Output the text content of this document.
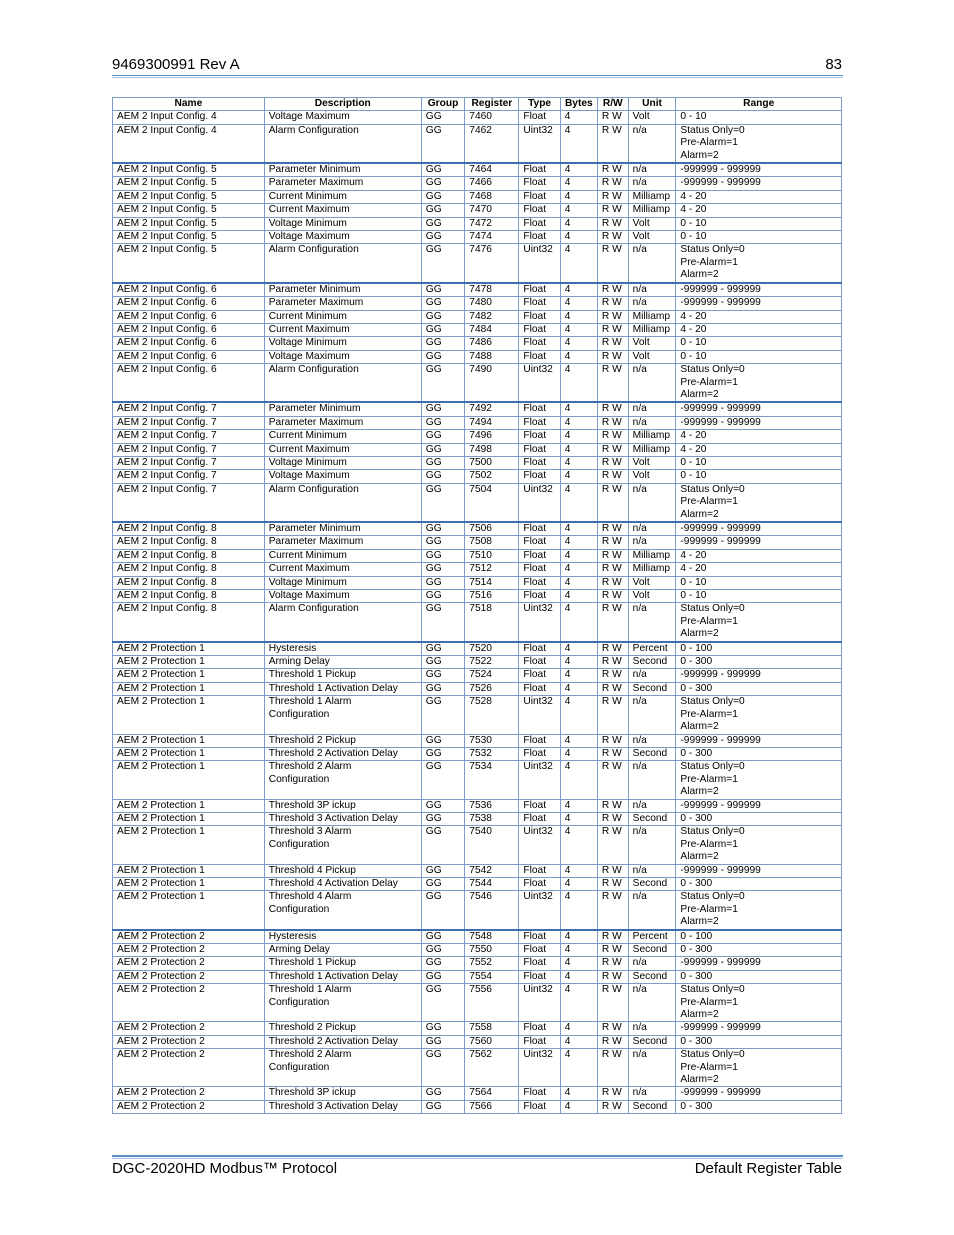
9469300991 Rev A	83
Name	Description	Group	Register	Type	Bytes	R/W	Unit	Range
AEM 2 Input Config. 4	Voltage Maximum	GG	7460	Float	4	R W	Volt	0 - 10

AEM 2 Input Config. 4	Alarm Configuration	GG	7462	Uint32	4	R W	n/a	Status Only=0
Pre-Alarm=1
Alarm=2

AEM 2 Input Config. 5	Parameter Minimum	GG	7464	Float	4	R W	n/a	-999999 - 999999

AEM 2 Input Config. 5	Parameter Maximum	GG	7466	Float	4	R W	n/a	-999999 - 999999

AEM 2 Input Config. 5	Current Minimum	GG	7468	Float	4	R W	Milliamp	4 - 20

AEM 2 Input Config. 5	Current Maximum	GG	7470	Float	4	R W	Milliamp	4 - 20

AEM 2 Input Config. 5	Voltage Minimum	GG	7472	Float	4	R W	Volt	0 - 10

AEM 2 Input Config. 5	Voltage Maximum	GG	7474	Float	4	R W	Volt	0 - 10

AEM 2 Input Config. 5	Alarm Configuration	GG	7476	Uint32	4	R W	n/a	Status Only=0
Pre-Alarm=1
Alarm=2

AEM 2 Input Config. 6	Parameter Minimum	GG	7478	Float	4	R W	n/a	-999999 - 999999

AEM 2 Input Config. 6	Parameter Maximum	GG	7480	Float	4	R W	n/a	-999999 - 999999

AEM 2 Input Config. 6	Current Minimum	GG	7482	Float	4	R W	Milliamp	4 - 20

AEM 2 Input Config. 6	Current Maximum	GG	7484	Float	4	R W	Milliamp	4 - 20

AEM 2 Input Config. 6	Voltage Minimum	GG	7486	Float	4	R W	Volt	0 - 10

AEM 2 Input Config. 6	Voltage Maximum	GG	7488	Float	4	R W	Volt	0 - 10

AEM 2 Input Config. 6	Alarm Configuration	GG	7490	Uint32	4	R W	n/a	Status Only=0
Pre-Alarm=1
Alarm=2

AEM 2 Input Config. 7	Parameter Minimum	GG	7492	Float	4	R W	n/a	-999999 - 999999

AEM 2 Input Config. 7	Parameter Maximum	GG	7494	Float	4	R W	n/a	-999999 - 999999

AEM 2 Input Config. 7	Current Minimum	GG	7496	Float	4	R W	Milliamp	4 - 20

AEM 2 Input Config. 7	Current Maximum	GG	7498	Float	4	R W	Milliamp	4 - 20

AEM 2 Input Config. 7	Voltage Minimum	GG	7500	Float	4	R W	Volt	0 - 10

AEM 2 Input Config. 7	Voltage Maximum	GG	7502	Float	4	R W	Volt	0 - 10

AEM 2 Input Config. 7	Alarm Configuration	GG	7504	Uint32	4	R W	n/a	Status Only=0
Pre-Alarm=1
Alarm=2

AEM 2 Input Config. 8	Parameter Minimum	GG	7506	Float	4	R W	n/a	-999999 - 999999

AEM 2 Input Config. 8	Parameter Maximum	GG	7508	Float	4	R W	n/a	-999999 - 999999

AEM 2 Input Config. 8	Current Minimum	GG	7510	Float	4	R W	Milliamp	4 - 20

AEM 2 Input Config. 8	Current Maximum	GG	7512	Float	4	R W	Milliamp	4 - 20

AEM 2 Input Config. 8	Voltage Minimum	GG	7514	Float	4	R W	Volt	0 - 10

AEM 2 Input Config. 8	Voltage Maximum	GG	7516	Float	4	R W	Volt	0 - 10

AEM 2 Input Config. 8	Alarm Configuration	GG	7518	Uint32	4	R W	n/a	Status Only=0
Pre-Alarm=1
Alarm=2

AEM 2 Protection 1	Hysteresis	GG	7520	Float	4	R W	Percent	0 - 100

AEM 2 Protection 1	Arming Delay	GG	7522	Float	4	R W	Second	0 - 300

AEM 2 Protection 1	Threshold 1 Pickup	GG	7524	Float	4	R W	n/a	-999999 - 999999

AEM 2 Protection 1	Threshold 1 Activation Delay	GG	7526	Float	4	R W	Second	0 - 300

AEM 2 Protection 1	Threshold 1 Alarm
Configuration	GG	7528	Uint32	4	R W	n/a	Status Only=0
Pre-Alarm=1
Alarm=2

AEM 2 Protection 1	Threshold 2 Pickup	GG	7530	Float	4	R W	n/a	-999999 - 999999

AEM 2 Protection 1	Threshold 2 Activation Delay	GG	7532	Float	4	R W	Second	0 - 300

AEM 2 Protection 1	Threshold 2 Alarm
Configuration	GG	7534	Uint32	4	R W	n/a	Status Only=0
Pre-Alarm=1
Alarm=2

AEM 2 Protection 1	Threshold 3P ickup	GG	7536	Float	4	R W	n/a	-999999 - 999999

AEM 2 Protection 1	Threshold 3 Activation Delay	GG	7538	Float	4	R W	Second	0 - 300

AEM 2 Protection 1	Threshold 3 Alarm
Configuration	GG	7540	Uint32	4	R W	n/a	Status Only=0
Pre-Alarm=1
Alarm=2

AEM 2 Protection 1	Threshold 4 Pickup	GG	7542	Float	4	R W	n/a	-999999 - 999999

AEM 2 Protection 1	Threshold 4 Activation Delay	GG	7544	Float	4	R W	Second	0 - 300

AEM 2 Protection 1	Threshold 4 Alarm
Configuration	GG	7546	Uint32	4	R W	n/a	Status Only=0
Pre-Alarm=1
Alarm=2

AEM 2 Protection 2	Hysteresis	GG	7548	Float	4	R W	Percent	0 - 100

AEM 2 Protection 2	Arming Delay	GG	7550	Float	4	R W	Second	0 - 300

AEM 2 Protection 2	Threshold 1 Pickup	GG	7552	Float	4	R W	n/a	-999999 - 999999

AEM 2 Protection 2	Threshold 1 Activation Delay	GG	7554	Float	4	R W	Second	0 - 300

AEM 2 Protection 2	Threshold 1 Alarm
Configuration	GG	7556	Uint32	4	R W	n/a	Status Only=0
Pre-Alarm=1
Alarm=2

AEM 2 Protection 2	Threshold 2 Pickup	GG	7558	Float	4	R W	n/a	-999999 - 999999

AEM 2 Protection 2	Threshold 2 Activation Delay	GG	7560	Float	4	R W	Second	0 - 300

AEM 2 Protection 2	Threshold 2 Alarm
Configuration	GG	7562	Uint32	4	R W	n/a	Status Only=0
Pre-Alarm=1
Alarm=2

AEM 2 Protection 2	Threshold 3P ickup	GG	7564	Float	4	R W	n/a	-999999 - 999999

AEM 2 Protection 2	Threshold 3 Activation Delay	GG	7566	Float	4	R W	Second	0 - 300
DGC-2020HD Modbus™ Protocol	Default Register Table
